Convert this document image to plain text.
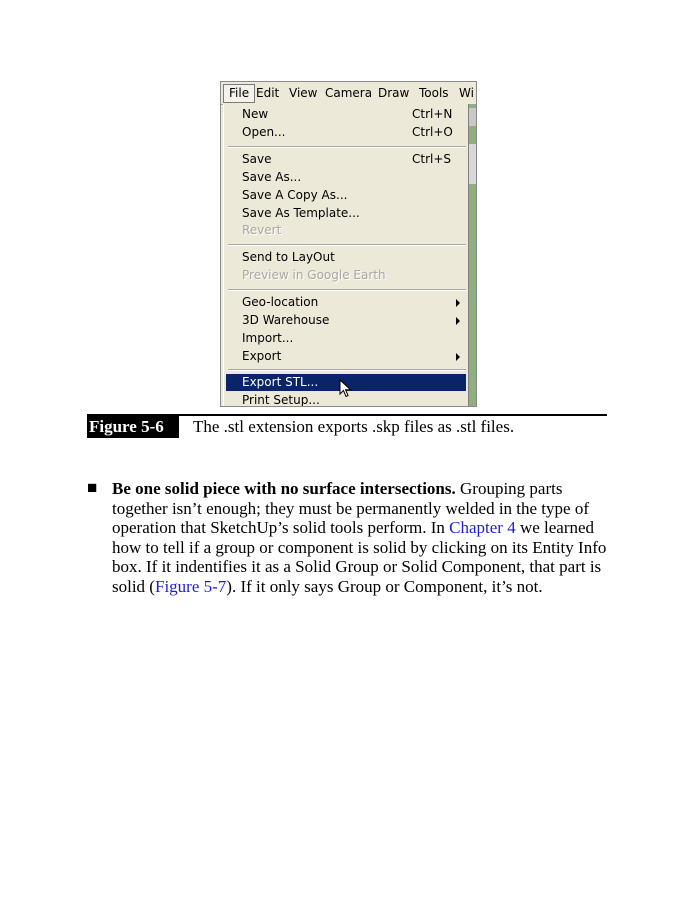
File Edit View Camera Draw Tools Wi
New	Ctrl+N
Open...	Ctrl+O
Save	Ctrl+S
Save As...
Save A Copy As...
Save As Template...
Revert
Send to LayOut
Preview in Google Earth
Geo-location
3D Warehouse
Import...
Export
Export STL...
Print Setup...
Figure 5-6	The .stl extension exports .skp files as .stl files.
■ Be one solid piece with no surface intersections. Grouping parts together isn’t enough; they must be permanently welded in the type of operation that SketchUp’s solid tools perform. In Chapter 4 we learned how to tell if a group or component is solid by clicking on its Entity Info box. If it indentifies it as a Solid Group or Solid Component, that part is solid (Figure 5-7). If it only says Group or Component, it’s not.
